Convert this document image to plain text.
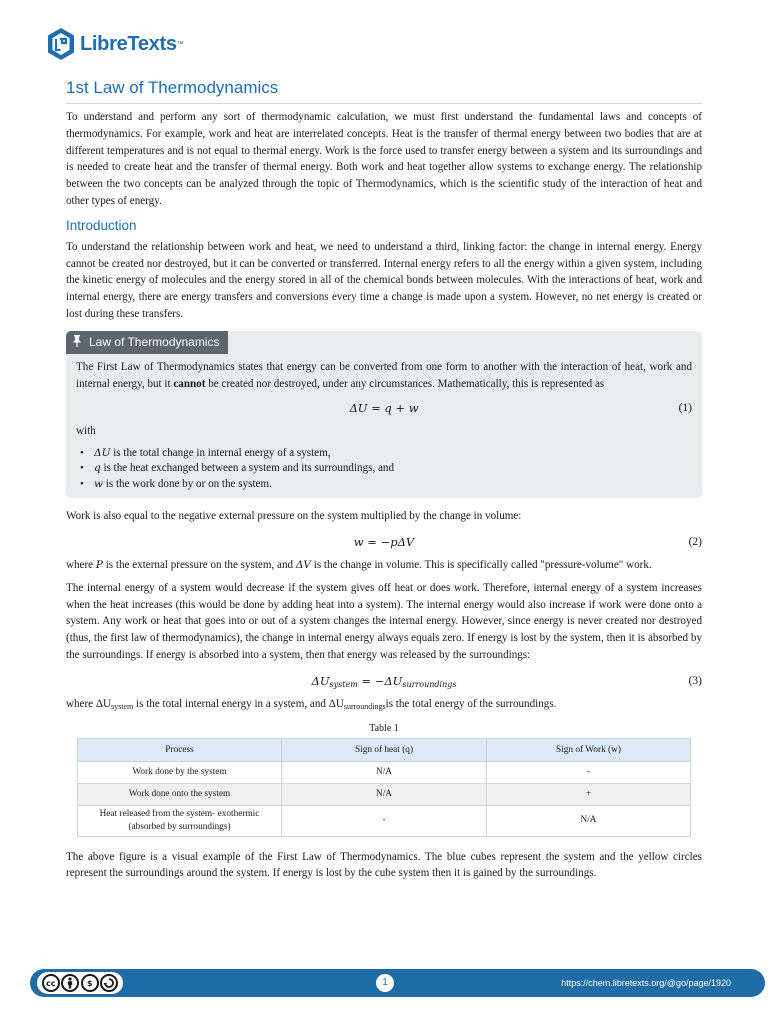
LibreTexts ™
1st Law of Thermodynamics

To understand and perform any sort of thermodynamic calculation, we must first understand the fundamental laws and concepts of thermodynamics. For example, work and heat are interrelated concepts. Heat is the transfer of thermal energy between two bodies that are at different temperatures and is not equal to thermal energy. Work is the force used to transfer energy between a system and its surroundings and is needed to create heat and the transfer of thermal energy. Both work and heat together allow systems to exchange energy. The relationship between the two concepts can be analyzed through the topic of Thermodynamics, which is the scientific study of the interaction of heat and other types of energy.

Introduction

To understand the relationship between work and heat, we need to understand a third, linking factor: the change in internal energy. Energy cannot be created nor destroyed, but it can be converted or transferred. Internal energy refers to all the energy within a given system, including the kinetic energy of molecules and the energy stored in all of the chemical bonds between molecules. With the interactions of heat, work and internal energy, there are energy transfers and conversions every time a change is made upon a system. However, no net energy is created or lost during these transfers.

Law of Thermodynamics

The First Law of Thermodynamics states that energy can be converted from one form to another with the interaction of heat, work and internal energy, but it cannot be created nor destroyed, under any circumstances. Mathematically, this is represented as

ΔU = q + w	(1)

with

• ΔU is the total change in internal energy of a system,
• q is the heat exchanged between a system and its surroundings, and
• w is the work done by or on the system.

Work is also equal to the negative external pressure on the system multiplied by the change in volume:

w = −pΔV	(2)

where P is the external pressure on the system, and ΔV is the change in volume. This is specifically called "pressure-volume" work.

The internal energy of a system would decrease if the system gives off heat or does work. Therefore, internal energy of a system increases when the heat increases (this would be done by adding heat into a system). The internal energy would also increase if work were done onto a system. Any work or heat that goes into or out of a system changes the internal energy. However, since energy is never created nor destroyed (thus, the first law of thermodynamics), the change in internal energy always equals zero. If energy is lost by the system, then it is absorbed by the surroundings. If energy is absorbed into a system, then that energy was released by the surroundings:

$\Delta U_{system} = -\Delta U_{surroundings}$	(3)

where $\Delta U_{system}$ is the total internal energy in a system, and $\Delta U_{surroundings}is$ the total energy of the surroundings.

Table 1
Process	Sign of heat (q)	Sign of Work (w)
Work done by the system	N/A	-
Work done onto the system	N/A	+
Heat released from the system- exothermic (absorbed by surroundings)	-	N/A

The above figure is a visual example of the First Law of Thermodynamics. The blue cubes represent the system and the yellow circles represent the surroundings around the system. If energy is lost by the cube system then it is gained by the surroundings.

cc	$	1	https://chem.libretexts.org/@go/page/1920
